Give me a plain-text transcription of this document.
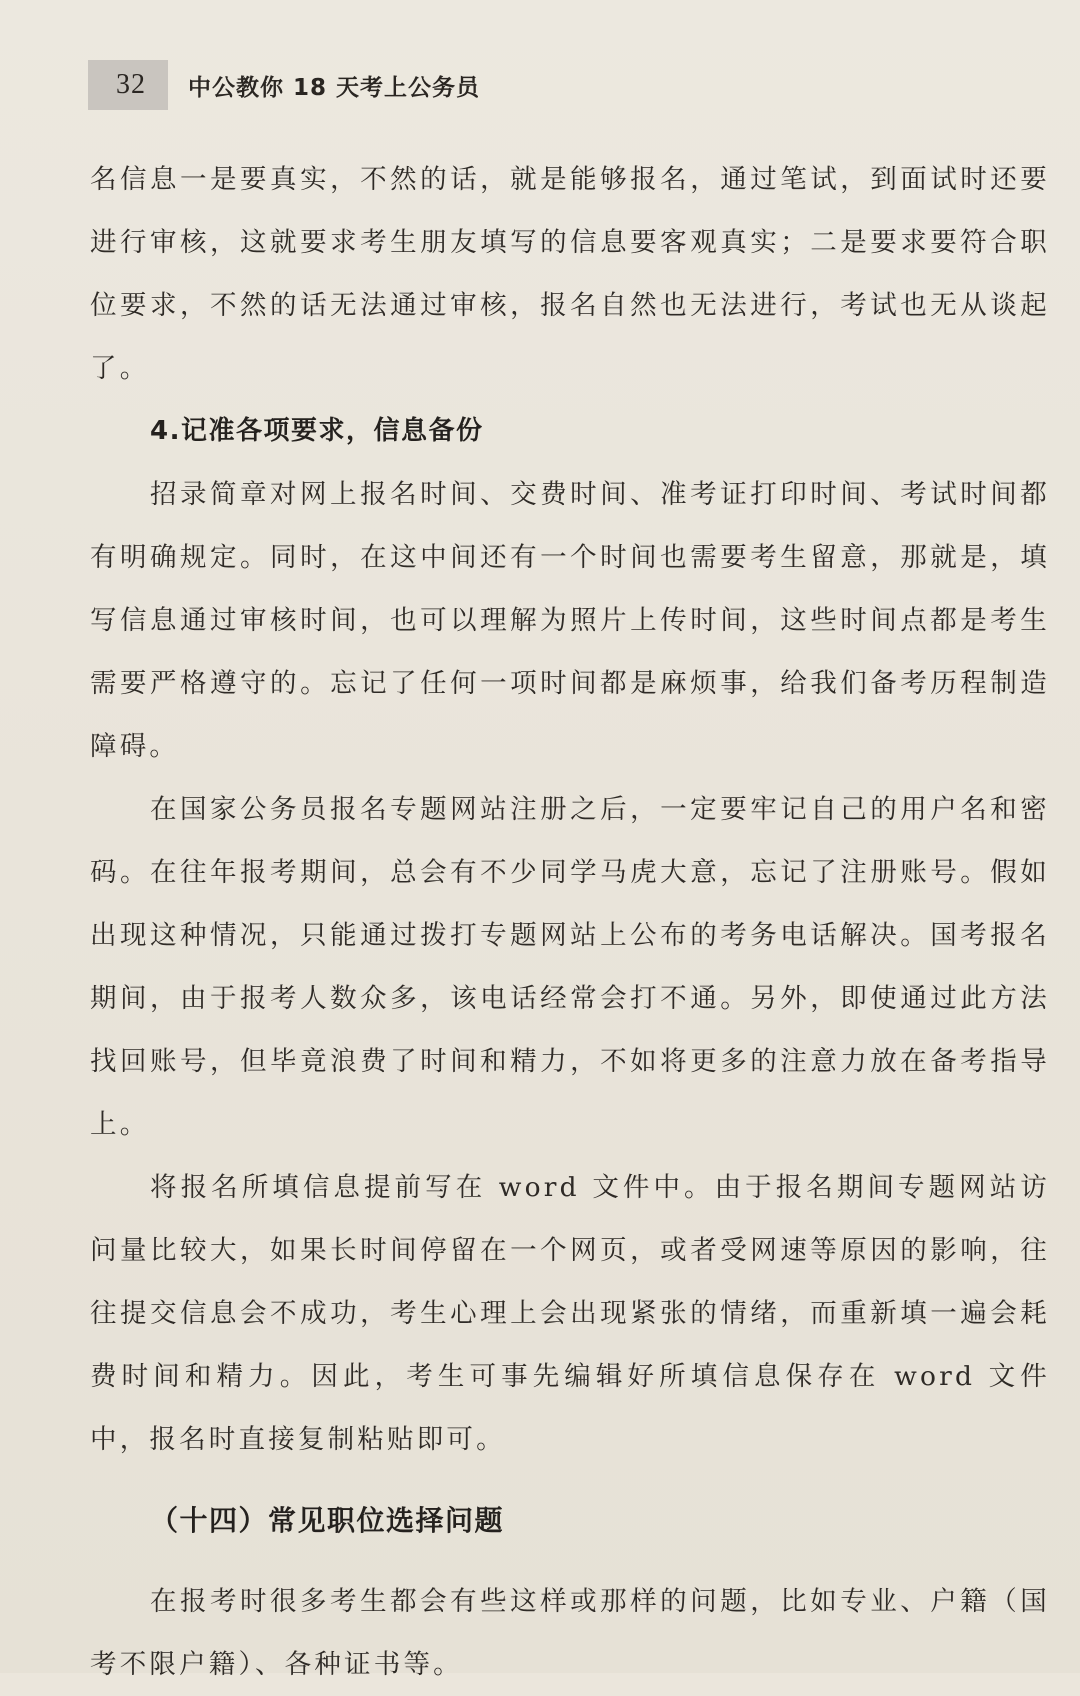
32	中公教你 18 天考上公务员

名信息一是要真实，不然的话，就是能够报名，通过笔试，到面试时还要进行审核，这就要求考生朋友填写的信息要客观真实；二是要求要符合职位要求，不然的话无法通过审核，报名自然也无法进行，考试也无从谈起了。

4.记准各项要求，信息备份

招录简章对网上报名时间、交费时间、准考证打印时间、考试时间都有明确规定。同时，在这中间还有一个时间也需要考生留意，那就是，填写信息通过审核时间，也可以理解为照片上传时间，这些时间点都是考生需要严格遵守的。忘记了任何一项时间都是麻烦事，给我们备考历程制造障碍。

在国家公务员报名专题网站注册之后，一定要牢记自己的用户名和密码。在往年报考期间，总会有不少同学马虎大意，忘记了注册账号。假如出现这种情况，只能通过拨打专题网站上公布的考务电话解决。国考报名期间，由于报考人数众多，该电话经常会打不通。另外，即使通过此方法找回账号，但毕竟浪费了时间和精力，不如将更多的注意力放在备考指导上。

将报名所填信息提前写在 word 文件中。由于报名期间专题网站访问量比较大，如果长时间停留在一个网页，或者受网速等原因的影响，往往提交信息会不成功，考生心理上会出现紧张的情绪，而重新填一遍会耗费时间和精力。因此，考生可事先编辑好所填信息保存在 word 文件中，报名时直接复制粘贴即可。

（十四）常见职位选择问题

在报考时很多考生都会有些这样或那样的问题，比如专业、户籍（国考不限户籍）、各种证书等。
